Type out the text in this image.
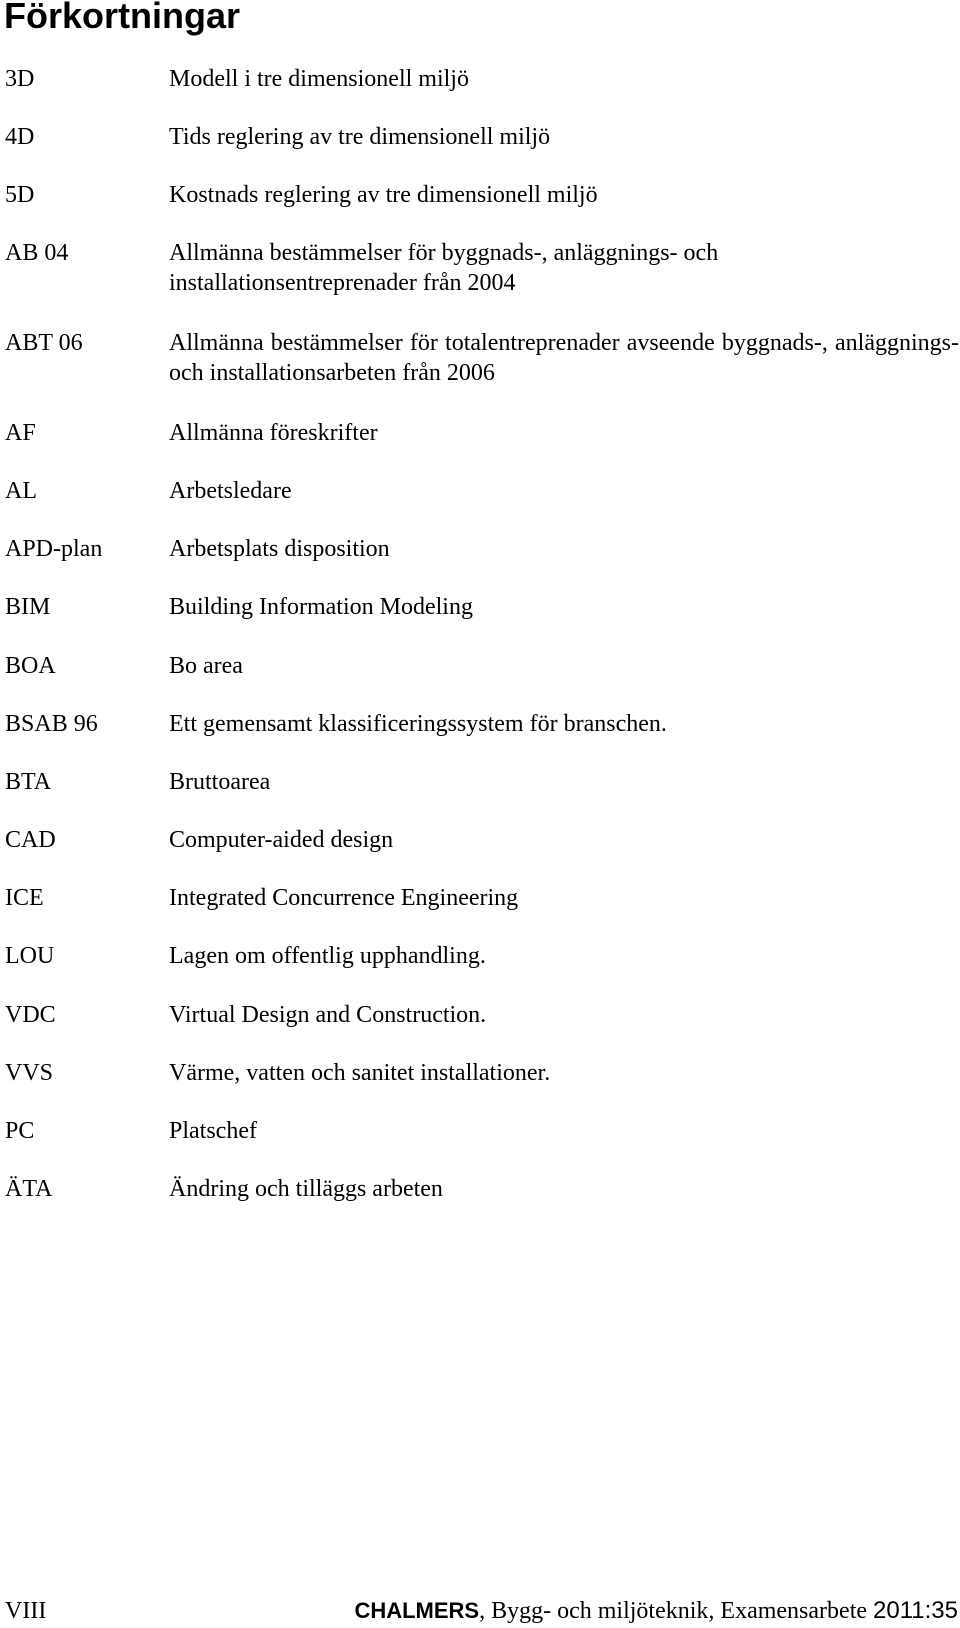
Förkortningar
3D	Modell i tre dimensionell miljö
4D	Tids reglering av tre dimensionell miljö
5D	Kostnads reglering av tre dimensionell miljö
AB 04	Allmänna bestämmelser för byggnads-, anläggnings- och installationsentreprenader från 2004
ABT 06	Allmänna bestämmelser för totalentreprenader avseende byggnads-, anläggnings- och installationsarbeten från 2006
AF	Allmänna föreskrifter
AL	Arbetsledare
APD-plan	Arbetsplats disposition
BIM	Building Information Modeling
BOA	Bo area
BSAB 96	Ett gemensamt klassificeringssystem för branschen.
BTA	Bruttoarea
CAD	Computer-aided design
ICE	Integrated Concurrence Engineering
LOU	Lagen om offentlig upphandling.
VDC	Virtual Design and Construction.
VVS	Värme, vatten och sanitet installationer.
PC	Platschef
ÄTA	Ändring och tilläggs arbeten
VIII	CHALMERS, Bygg- och miljöteknik, Examensarbete 2011:35
